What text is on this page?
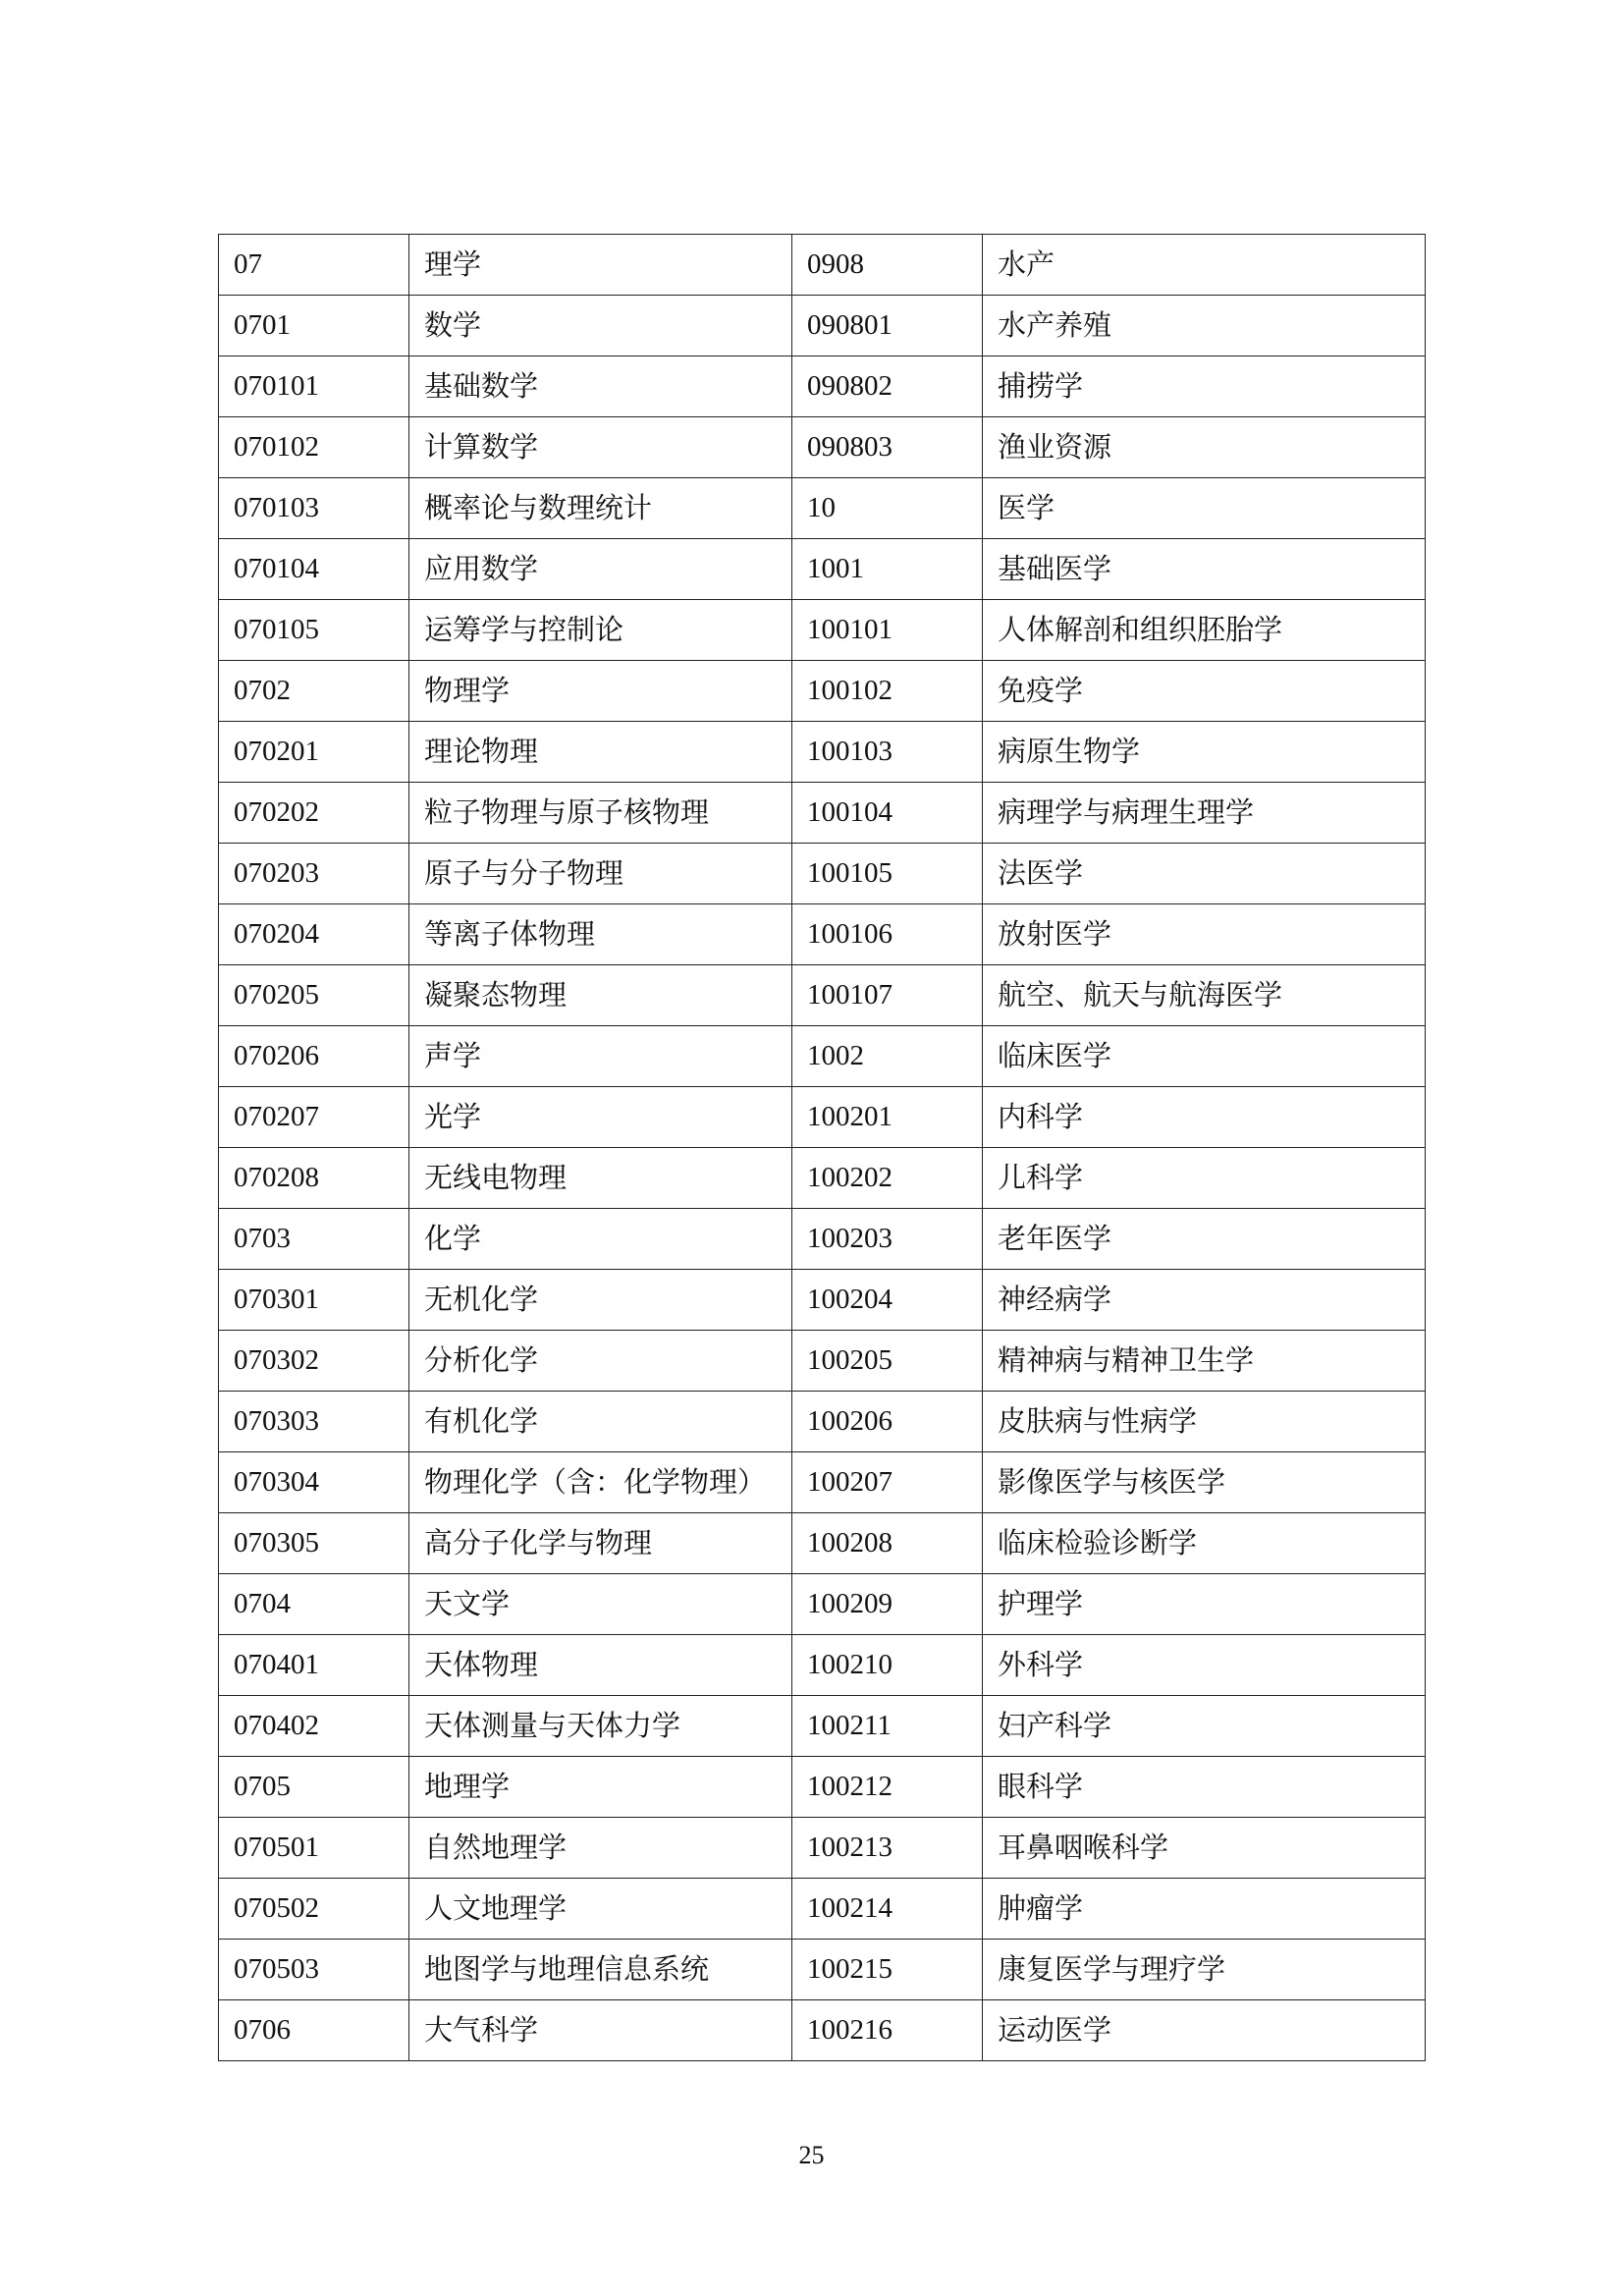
07	理学	0908	水产
0701	数学	090801	水产养殖
070101	基础数学	090802	捕捞学
070102	计算数学	090803	渔业资源
070103	概率论与数理统计	10	医学
070104	应用数学	1001	基础医学
070105	运筹学与控制论	100101	人体解剖和组织胚胎学
0702	物理学	100102	免疫学
070201	理论物理	100103	病原生物学
070202	粒子物理与原子核物理	100104	病理学与病理生理学
070203	原子与分子物理	100105	法医学
070204	等离子体物理	100106	放射医学
070205	凝聚态物理	100107	航空、航天与航海医学
070206	声学	1002	临床医学
070207	光学	100201	内科学
070208	无线电物理	100202	儿科学
0703	化学	100203	老年医学
070301	无机化学	100204	神经病学
070302	分析化学	100205	精神病与精神卫生学
070303	有机化学	100206	皮肤病与性病学
070304	物理化学（含：化学物理）	100207	影像医学与核医学
070305	高分子化学与物理	100208	临床检验诊断学
0704	天文学	100209	护理学
070401	天体物理	100210	外科学
070402	天体测量与天体力学	100211	妇产科学
0705	地理学	100212	眼科学
070501	自然地理学	100213	耳鼻咽喉科学
070502	人文地理学	100214	肿瘤学
070503	地图学与地理信息系统	100215	康复医学与理疗学
0706	大气科学	100216	运动医学
25
